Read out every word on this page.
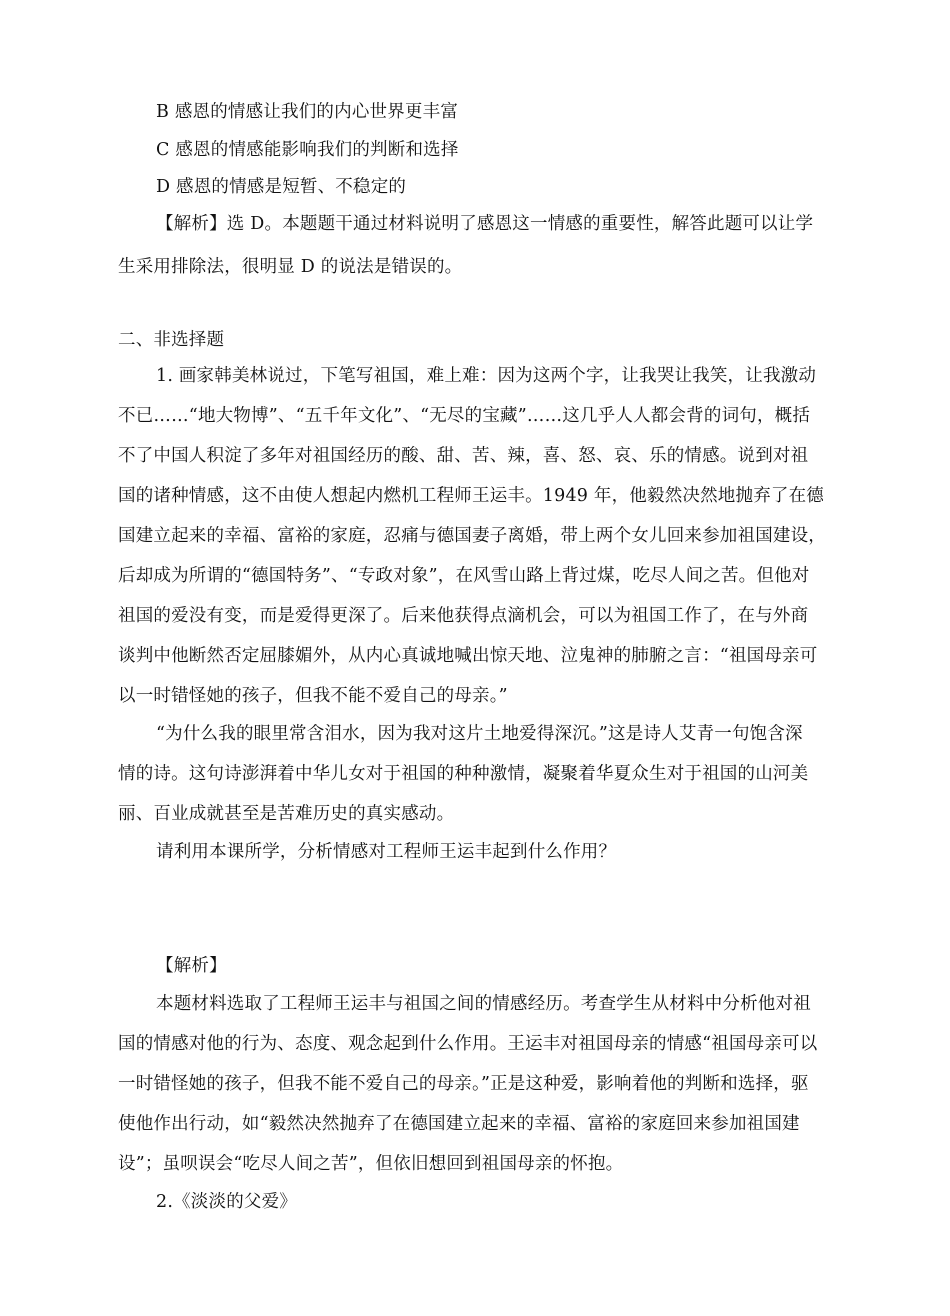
B 感恩的情感让我们的内心世界更丰富
C 感恩的情感能影响我们的判断和选择
D 感恩的情感是短暂、不稳定的
【解析】选 D。本题题干通过材料说明了感恩这一情感的重要性，解答此题可以让学
生采用排除法，很明显 D 的说法是错误的。
二、非选择题
1. 画家韩美林说过，下笔写祖国，难上难：因为这两个字，让我哭让我笑，让我激动
不已……“地大物博”、“五千年文化”、“无尽的宝藏”……这几乎人人都会背的词句，概括
不了中国人积淀了多年对祖国经历的酸、甜、苦、辣，喜、怒、哀、乐的情感。说到对祖
国的诸种情感，这不由使人想起内燃机工程师王运丰。1949 年，他毅然决然地抛弃了在德
国建立起来的幸福、富裕的家庭，忍痛与德国妻子离婚，带上两个女儿回来参加祖国建设，
后却成为所谓的“德国特务”、“专政对象”，在风雪山路上背过煤，吃尽人间之苦。但他对
祖国的爱没有变，而是爱得更深了。后来他获得点滴机会，可以为祖国工作了，在与外商
谈判中他断然否定屈膝媚外，从内心真诚地喊出惊天地、泣鬼神的肺腑之言：“祖国母亲可
以一时错怪她的孩子，但我不能不爱自己的母亲。”
“为什么我的眼里常含泪水，因为我对这片土地爱得深沉。”这是诗人艾青一句饱含深
情的诗。这句诗澎湃着中华儿女对于祖国的种种激情，凝聚着华夏众生对于祖国的山河美
丽、百业成就甚至是苦难历史的真实感动。
请利用本课所学，分析情感对工程师王运丰起到什么作用？
【解析】
本题材料选取了工程师王运丰与祖国之间的情感经历。考查学生从材料中分析他对祖
国的情感对他的行为、态度、观念起到什么作用。王运丰对祖国母亲的情感“祖国母亲可以
一时错怪她的孩子，但我不能不爱自己的母亲。”正是这种爱，影响着他的判断和选择，驱
使他作出行动，如“毅然决然抛弃了在德国建立起来的幸福、富裕的家庭回来参加祖国建
设”；虽呗误会“吃尽人间之苦”，但依旧想回到祖国母亲的怀抱。
2.《淡淡的父爱》
